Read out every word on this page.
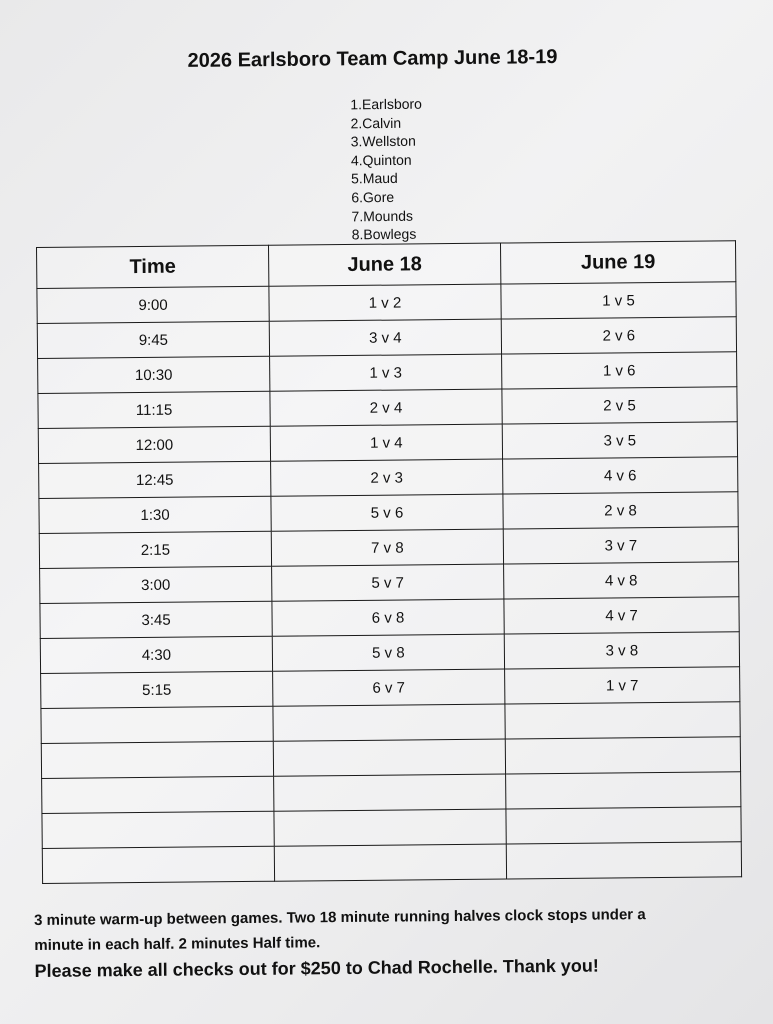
2026 Earlsboro Team Camp June 18-19
1.Earlsboro
2.Calvin
3.Wellston
4.Quinton
5.Maud
6.Gore
7.Mounds
8.Bowlegs
Time	June 18	June 19
9:00	1 v 2	1 v 5
9:45	3 v 4	2 v 6
10:30	1 v 3	1 v 6
11:15	2 v 4	2 v 5
12:00	1 v 4	3 v 5
12:45	2 v 3	4 v 6
1:30	5 v 6	2 v 8
2:15	7 v 8	3 v 7
3:00	5 v 7	4 v 8
3:45	6 v 8	4 v 7
4:30	5 v 8	3 v 8
5:15	6 v 7	1 v 7

3 minute warm-up between games. Two 18 minute running halves clock stops under a
minute in each half. 2 minutes Half time.
Please make all checks out for $250 to Chad Rochelle. Thank you!
